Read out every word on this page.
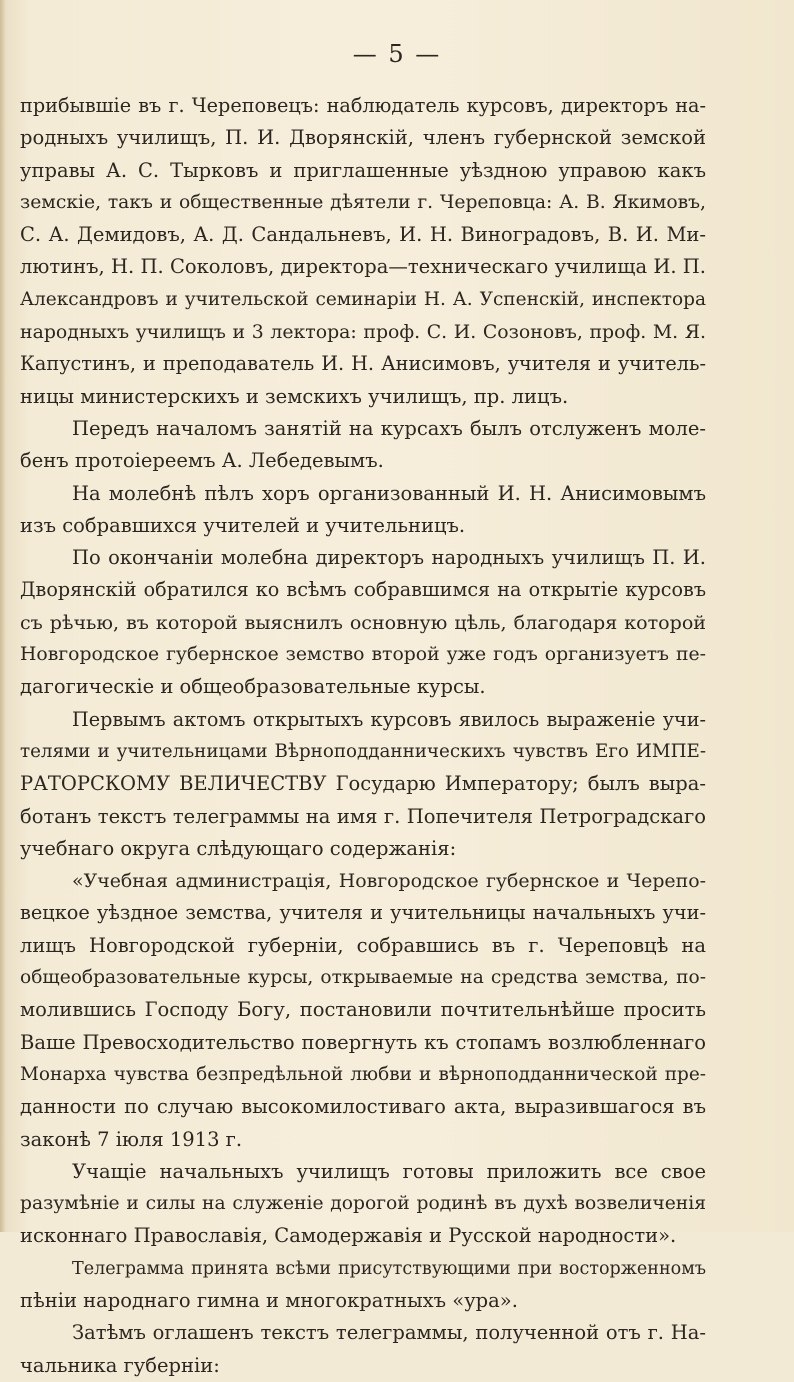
— 5 —
прибывшіе въ г. Череповецъ: наблюдатель курсовъ, директоръ на-
родныхъ училищъ, П. И. Дворянскій, членъ губернской земской
управы А. С. Тырковъ и приглашенные уѣздною управою какъ
земскіе, такъ и общественные дѣятели г. Череповца: А. В. Якимовъ,
С. А. Демидовъ, А. Д. Сандальневъ, И. Н. Виноградовъ, В. И. Ми-
лютинъ, Н. П. Соколовъ, директора—техническаго училища И. П.
Александровъ и учительской семинаріи Н. А. Успенскій, инспектора
народныхъ училищъ и 3 лектора: проф. С. И. Созоновъ, проф. М. Я.
Капустинъ, и преподаватель И. Н. Анисимовъ, учителя и учитель-
ницы министерскихъ и земскихъ училищъ, пр. лицъ.
Передъ началомъ занятій на курсахъ былъ отслуженъ моле-
бенъ протоіереемъ А. Лебедевымъ.
На молебнѣ пѣлъ хоръ организованный И. Н. Анисимовымъ
изъ собравшихся учителей и учительницъ.
По окончаніи молебна директоръ народныхъ училищъ П. И.
Дворянскій обратился ко всѣмъ собравшимся на открытіе курсовъ
съ рѣчью, въ которой выяснилъ основную цѣль, благодаря которой
Новгородское губернское земство второй уже годъ организуетъ пе-
дагогическіе и общеобразовательные курсы.
Первымъ актомъ открытыхъ курсовъ явилось выраженіе учи-
телями и учительницами Вѣрноподданническихъ чувствъ Его ИМПЕ-
РАТОРСКОМУ ВЕЛИЧЕСТВУ Государю Императору; былъ выра-
ботанъ текстъ телеграммы на имя г. Попечителя Петроградскаго
учебнаго округа слѣдующаго содержанія:
«Учебная администрація, Новгородское губернское и Черепо-
вецкое уѣздное земства, учителя и учительницы начальныхъ учи-
лищъ Новгородской губерніи, собравшись въ г. Череповцѣ на
общеобразовательные курсы, открываемые на средства земства, по-
молившись Господу Богу, постановили почтительнѣйше просить
Ваше Превосходительство повергнуть къ стопамъ возлюбленнаго
Монарха чувства безпредѣльной любви и вѣрноподданнической пре-
данности по случаю высокомилостиваго акта, выразившагося въ
законѣ 7 іюля 1913 г.
Учащіе начальныхъ училищъ готовы приложить все свое
разумѣніе и силы на служеніе дорогой родинѣ въ духѣ возвеличенія
исконнаго Православія, Самодержавія и Русской народности».
Телеграмма принята всѣми присутствующими при восторженномъ
пѣніи народнаго гимна и многократныхъ «ура».
Затѣмъ оглашенъ текстъ телеграммы, полученной отъ г. На-
чальника губерніи:
